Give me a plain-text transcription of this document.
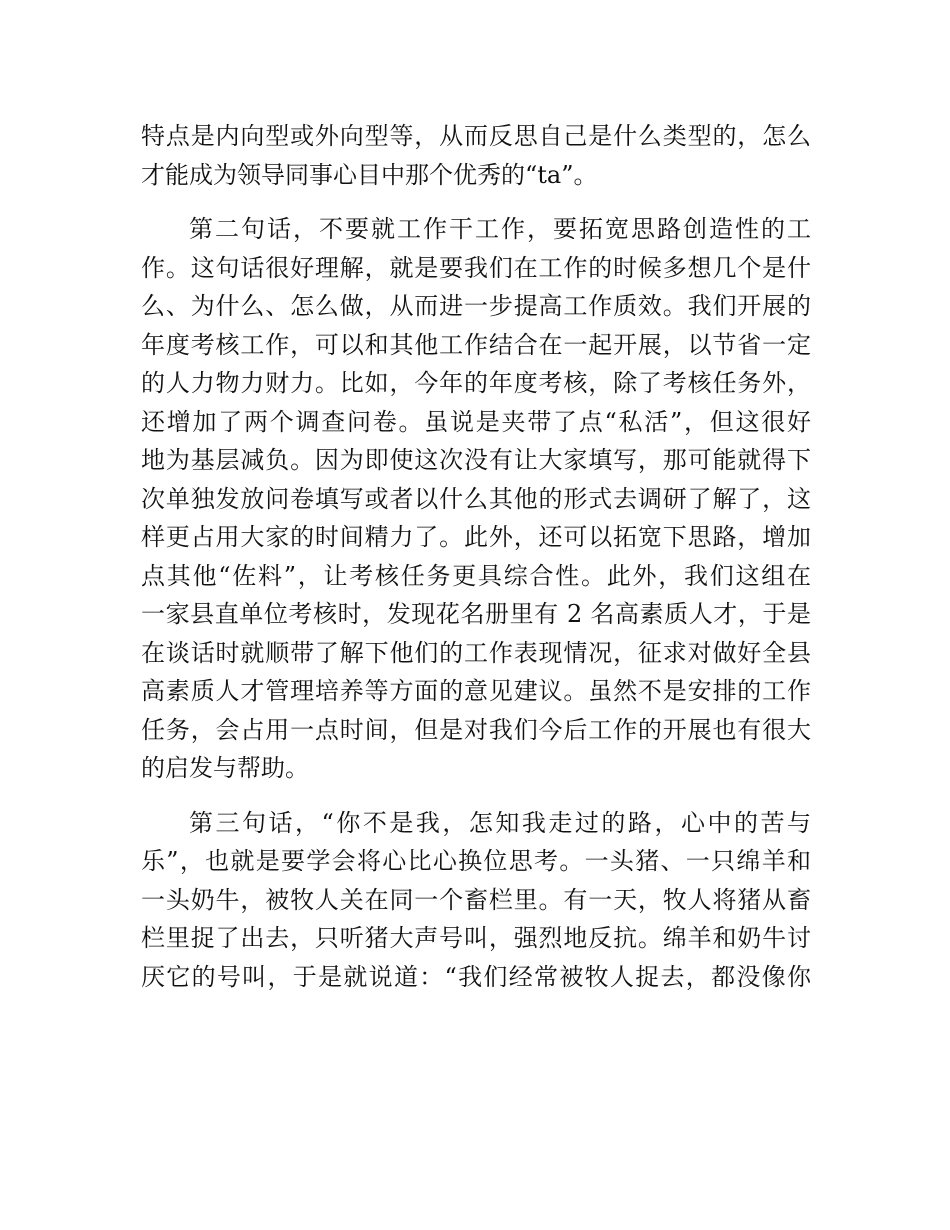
特点是内向型或外向型等，从而反思自己是什么类型的，怎么
才能成为领导同事心目中那个优秀的“ta”。
第二句话，不要就工作干工作，要拓宽思路创造性的工
作。这句话很好理解，就是要我们在工作的时候多想几个是什
么、为什么、怎么做，从而进一步提高工作质效。我们开展的
年度考核工作，可以和其他工作结合在一起开展，以节省一定
的人力物力财力。比如，今年的年度考核，除了考核任务外，
还增加了两个调查问卷。虽说是夹带了点“私活”，但这很好
地为基层减负。因为即使这次没有让大家填写，那可能就得下
次单独发放问卷填写或者以什么其他的形式去调研了解了，这
样更占用大家的时间精力了。此外，还可以拓宽下思路，增加
点其他“佐料”，让考核任务更具综合性。此外，我们这组在
一家县直单位考核时，发现花名册里有 2 名高素质人才，于是
在谈话时就顺带了解下他们的工作表现情况，征求对做好全县
高素质人才管理培养等方面的意见建议。虽然不是安排的工作
任务，会占用一点时间，但是对我们今后工作的开展也有很大
的启发与帮助。
第三句话，“你不是我，怎知我走过的路，心中的苦与
乐”，也就是要学会将心比心换位思考。一头猪、一只绵羊和
一头奶牛，被牧人关在同一个畜栏里。有一天，牧人将猪从畜
栏里捉了出去，只听猪大声号叫，强烈地反抗。绵羊和奶牛讨
厌它的号叫，于是就说道：“我们经常被牧人捉去，都没像你
